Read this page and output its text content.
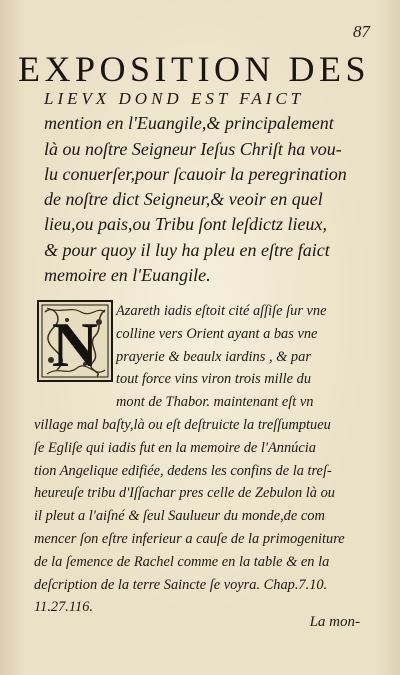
87
EXPOSITION DES
LIEVX DOND EST FAICT
mention en l'Euangile,& principalement
là ou noſtre Seigneur Ieſus Chriſt ha vou-
lu conuerſer,pour ſcauoir la peregrination
de noſtre dict Seigneur,& veoir en quel
lieu,ou pais,ou Tribu ſont leſdictz lieux,
& pour quoy il luy ha pleu en eſtre faict
memoire en l'Euangile.
N	Azareth iadis eſtoit cité aſſiſe ſur vne
colline vers Orient ayant a bas vne
prayerie & beaulx iardins , & par
tout force vins viron trois mille du
mont de Thabor. maintenant eſt vn
village mal baſty,là ou eſt deſtruicte la treſſumptueu
ſe Egliſe qui iadis fut en la memoire de l'Annúcia
tion Angelique edifiée, dedens les confins de la treſ-
heureuſe tribu d'Iſſachar pres celle de Zebulon là ou
il pleut a l'aiſné & ſeul Saulueur du monde,de com
mencer ſon eſtre inferieur a cauſe de la primogeniture
de la ſemence de Rachel comme en la table & en la
deſcription de la terre Saincte ſe voyra. Chap.7.10.
11.27.116.
La mon-
